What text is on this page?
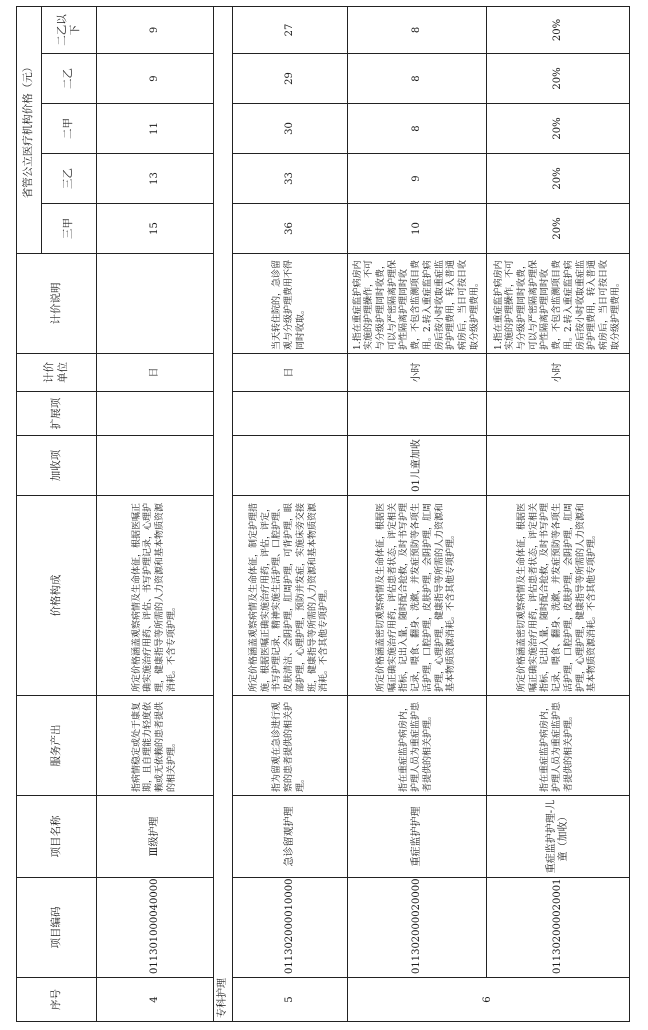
序号	项目编码	项目名称	服务产出	价格构成	加收项	扩展项	计价单位	计价说明	省管公立医疗机构价格（元）				
									三甲	三乙	二甲	二乙	二乙以下
4	011301000040000	Ⅲ级护理	指病情稳定或处于康复期，且自理能力轻度依赖或无依赖的患者提供的相关护理。	所定价格涵盖观察病情及生命体征，根据医嘱正确实施治疗用药、评估、书写护理记录，心理护理，健康指导等所需的人力资源和基本物质资源消耗。不含专项护理。			日		15	13	11	9	9
专科护理													
5	011302000010000	急诊留观护理	指为留观在急诊进行观察的患者提供的相关护理。	所定价格涵盖观察病情及生命体征，制定护理措施，根据医嘱正确实施治疗用药，评估，评定，书写护理记录，精神实施生活护理、口腔护理、皮肤清洁、会阴护理，肛周护理，可背护理，眼部护理，心理护理，预防并发症，实施床旁交接班，健康指导等所需的人力资源和基本物质资源消耗。不含其他专项护理。			日	当天转住院的，急诊留观与分级护理费用不得同时收取。	36	33	30	29	27
6	011302000020000	重症监护护理	指在重症监护病房内，护理人员为重症监护患者提供的相关护理。	所定价格涵盖密切观察病情及生命体征，根据医嘱正确实施治疗用药，评估患者状态，评定相关指标，记出入量，随时配合抢救，及时书写护理记录，喂食、翻身、洗漱，并发症预防等各项生活护理，口腔护理，皮肤护理，会阴护理，肛周护理，心理护理，健康指导等所需的人力资源和基本物质资源消耗。不含其他专项护理。	01儿童加收		小时	1.指在重症监护病房内实施的护理操作，不可与分级护理同时收费，可以与严密隔离护理保护性隔离护理同时收费，不包含监测项目费用。2.转入重症监护病房后按小时收取重症监护护理费用，转入普通病房后，当日可按日收取分级护理费用。	10	9	8	8	8
	011302000020001	重症监护护理-儿童（加收）	指在重症监护病房内，护理人员为重症监护患者提供的相关护理。	所定价格涵盖密切观察病情及生命体征，根据医嘱正确实施治疗用药，评估患者状态，评定相关指标，记出入量，随时配合抢救，及时书写护理记录，喂食、翻身、洗漱，并发症预防等各项生活护理，口腔护理，皮肤护理，会阴护理，肛周护理，心理护理，健康指导等所需的人力资源和基本物质资源消耗。不含其他专项护理。			小时	1.指在重症监护病房内实施的护理操作，不可与分级护理同时收费，可以与严密隔离护理保护性隔离护理同时收费，不包含监测项目费用。2.转入重症监护病房后按小时收取重症监护护理费用，转入普通病房后，当日可按日收取分级护理费用。	20%	20%	20%	20%	20%
